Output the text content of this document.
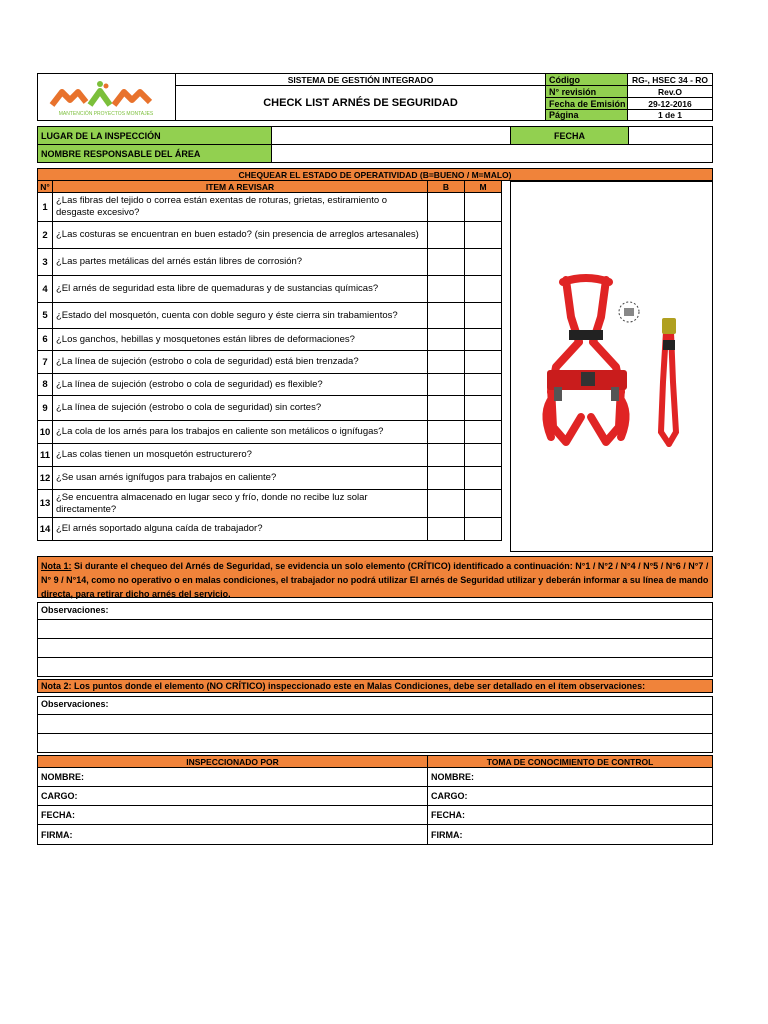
MANTENCIÓN PROYECTOS MONTAJES
SISTEMA DE GESTIÓN INTEGRADO
CHECK LIST ARNÉS DE SEGURIDAD
Código	RG-, HSEC 34 - RO
N° revisión	Rev.O
Fecha de Emisión	29-12-2016
Página	1 de 1
LUGAR DE LA INSPECCIÓN	FECHA
NOMBRE RESPONSABLE DEL ÁREA
CHEQUEAR EL ESTADO DE OPERATIVIDAD (B=BUENO / M=MALO)
N°	ITEM A REVISAR	B	M
1
¿Las fibras del tejido o correa están exentas de roturas, grietas, estiramiento o desgaste excesivo?
2 ¿Las costuras se encuentran en buen estado? (sin presencia de arreglos artesanales)
3 ¿Las partes metálicas del arnés están libres de corrosión?
4 ¿El arnés de seguridad esta libre de quemaduras y de sustancias químicas?
5 ¿Estado del mosquetón, cuenta con doble seguro y éste cierra sin trabamientos?
6 ¿Los ganchos, hebillas y mosquetones están libres de deformaciones?
7 ¿La línea de sujeción (estrobo o cola de seguridad) está bien trenzada?
8 ¿La línea de sujeción (estrobo o cola de seguridad) es flexible?
9 ¿La línea de sujeción (estrobo o cola de seguridad) sin cortes?
10 ¿La cola de los arnés para los trabajos en caliente son metálicos o ignífugas?
11 ¿Las colas tienen un mosquetón estructurero?
12 ¿Se usan arnés ignífugos para trabajos en caliente?
13
¿Se encuentra almacenado en lugar seco y frío, donde no recibe luz solar directamente?
14 ¿El arnés soportado alguna caída de trabajador?
Nota 1: Si durante el chequeo del Arnés de Seguridad, se evidencia un solo elemento (CRÍTICO) identificado a continuación: N°1 / N°2 / N°4 / N°5 / N°6 / N°7 / N° 9 / N°14, como no operativo o en malas condiciones, el trabajador no podrá utilizar El arnés de Seguridad utilizar y deberán informar a su línea de mando directa, para retirar dicho arnés del servicio.
Observaciones:
Nota 2: Los puntos donde el elemento (NO CRÍTICO) inspeccionado este en Malas Condiciones, debe ser detallado en el ítem observaciones:
Observaciones:
INSPECCIONADO POR	TOMA DE CONOCIMIENTO DE CONTROL
NOMBRE:	NOMBRE:
CARGO:	CARGO:
FECHA:	FECHA:
FIRMA:	FIRMA:
